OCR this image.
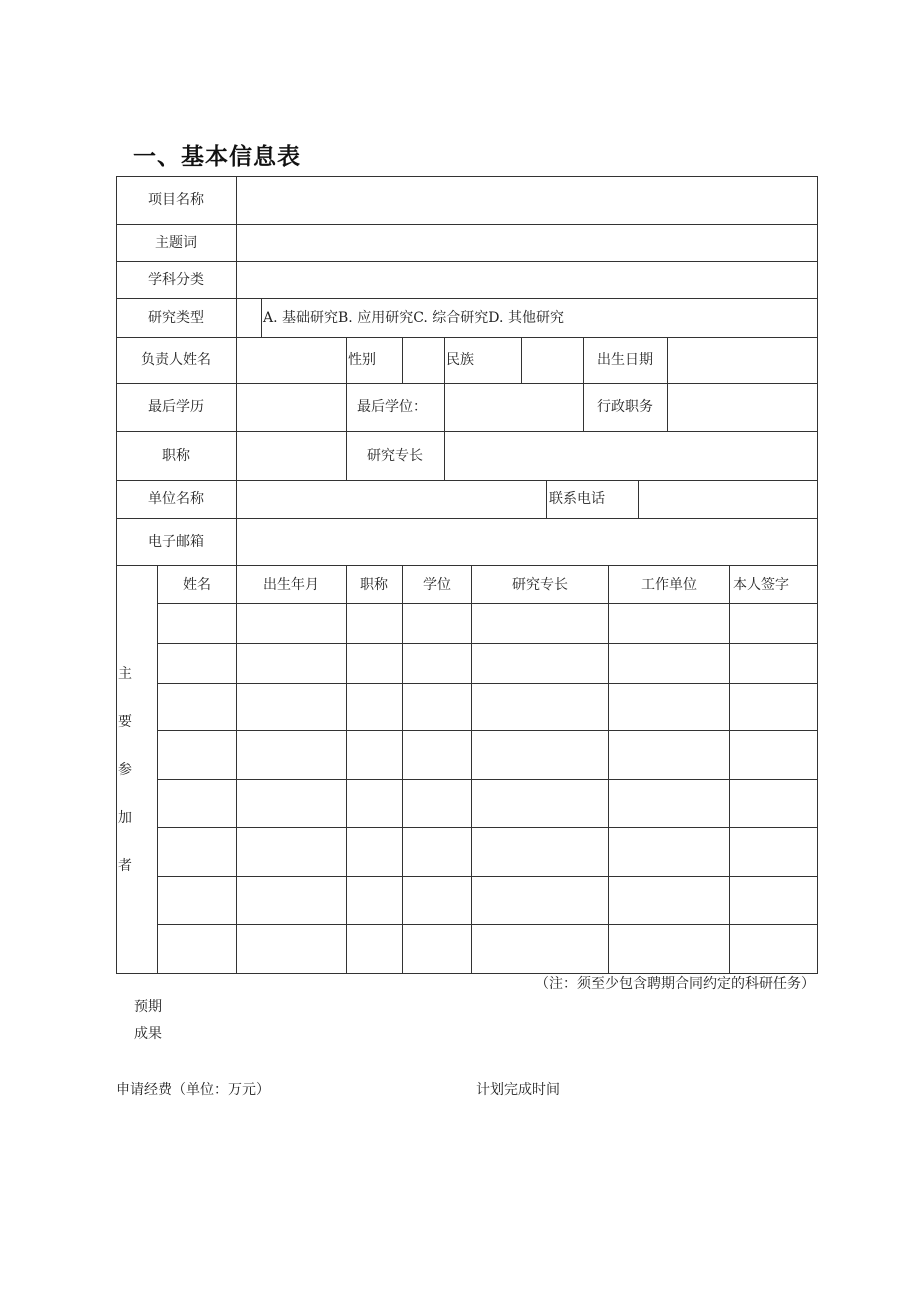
一、基本信息表
项目名称
主题词
学科分类
研究类型	A. 基础研究B. 应用研究C. 综合研究D. 其他研究
负责人姓名	性别	民族	出生日期
最后学历	最后学位：	行政职务
职称	研究专长
单位名称	联系电话
电子邮箱
主
要
参
加
者
姓名	出生年月	职称	学位	研究专长	工作单位	本人签字
（注：须至少包含聘期合同约定的科研任务）
预期
成果
申请经费（单位：万元）	计划完成时间
